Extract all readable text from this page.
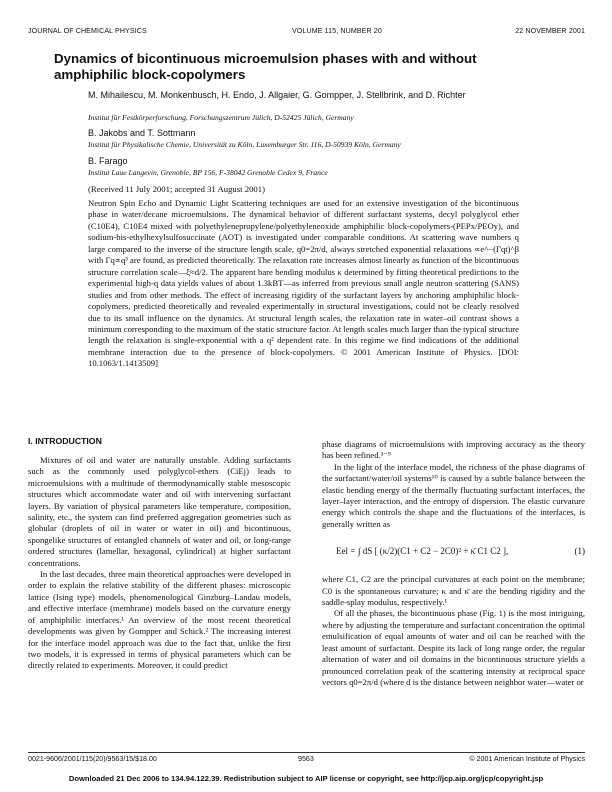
JOURNAL OF CHEMICAL PHYSICS	VOLUME 115, NUMBER 20	22 NOVEMBER 2001
Dynamics of bicontinuous microemulsion phases with and without amphiphilic block-copolymers
M. Mihailescu, M. Monkenbusch, H. Endo, J. Allgaier, G. Gompper, J. Stellbrink, and D. Richter
Institut für Festkörperforschung, Forschungszentrum Jülich, D-52425 Jülich, Germany
B. Jakobs and T. Sottmann
Institut für Physikalische Chemie, Universität zu Köln, Luxemburger Str. 116, D-50939 Köln, Germany
B. Farago
Institut Laue Langevin, Grenoble, BP 156, F-38042 Grenoble Cedex 9, France
(Received 11 July 2001; accepted 31 August 2001)
Neutron Spin Echo and Dynamic Light Scattering techniques are used for an extensive investigation of the bicontinuous phase in water/decane microemulsions. The dynamical behavior of different surfactant systems, decyl polyglycol ether (C10E4), C10E4 mixed with polyethylenepropylene/polyethyleneoxide amphiphilic block-copolymers-(PEPx/PEOy), and sodium-bis-ethylhexylsulfosuccinate (AOT) is investigated under comparable conditions. At scattering wave numbers q large compared to the inverse of the structure length scale, q0=2π/d, always stretched exponential relaxations ∝e^−(Γqt)^β with Γq∝q³ are found, as predicted theoretically. The relaxation rate increases almost linearly as function of the bicontinuous structure correlation scale—ξ≈d/2. The apparent bare bending modulus κ determined by fitting theoretical predictions to the experimental high-q data yields values of about 1.3kBT—as inferred from previous small angle neutron scattering (SANS) studies and from other methods. The effect of increasing rigidity of the surfactant layers by anchoring amphiphilic block-copolymers, predicted theoretically and revealed experimentally in structural investigations, could not be clearly resolved due to its small influence on the dynamics. At structural length scales, the relaxation rate in water–oil contrast shows a minimum corresponding to the maximum of the static structure factor. At length scales much larger than the typical structure length the relaxation is single-exponential with a q² dependent rate. In this regime we find indications of the additional membrane interaction due to the presence of block-copolymers. © 2001 American Institute of Physics. [DOI: 10.1063/1.1413509]
I. INTRODUCTION

Mixtures of oil and water are naturally unstable. Adding surfactants such as the commonly used polyglycol-ethers (CiEj) leads to microemulsions with a multitude of thermodynamically stable mesoscopic structures which accommodate water and oil with intervening surfactant layers. By variation of physical parameters like temperature, composition, salinity, etc., the system can find preferred aggregation geometries such as globular (droplets of oil in water or water in oil) and bicontinuous, spongelike structures of entangled channels of water and oil, or long-range ordered structures (lamellar, hexagonal, cylindrical) at higher surfactant concentrations.

In the last decades, three main theoretical approaches were developed in order to explain the relative stability of the different phases: microscopic lattice (Ising type) models, phenomenological Ginzburg–Landau models, and effective interface (membrane) models based on the curvature energy of amphiphilic interfaces.¹ An overview of the most recent theoretical developments was given by Gompper and Schick.² The increasing interest for the interface model approach was due to the fact that, unlike the first two models, it is expressed in terms of physical parameters which can be directly related to experiments. Moreover, it could predict

phase diagrams of microemulsions with improving accuracy as the theory has been refined.³⁻⁹

In the light of the interface model, the richness of the phase diagrams of the surfactant/water/oil systems¹⁰ is caused by a subtle balance between the elastic bending energy of the thermally fluctuating surfactant interfaces, the layer–layer interaction, and the entropy of dispersion. The elastic curvature energy which controls the shape and the fluctuations of the interfaces, is generally written as

Eel = ∫ dS [ (κ/2)(C1 + C2 − 2C0)² + κ̄ C1 C2 ],	(1)

where C1, C2 are the principal curvatures at each point on the membrane; C0 is the spontaneous curvature; κ and κ̄ are the bending rigidity and the saddle-splay modulus, respectively.¹

Of all the phases, the bicontinuous phase (Fig. 1) is the most intriguing, where by adjusting the temperature and surfactant concentration the optimal emulsification of equal amounts of water and oil can be reached with the least amount of surfactant. Despite its lack of long range order, the regular alternation of water and oil domains in the bicontinuous structure yields a pronounced correlation peak of the scattering intensity at reciprocal space vectors q0=2π/d (where d is the distance between neighbor water—water or

0021-9606/2001/115(20)/9563/15/$18.00	9563	© 2001 American Institute of Physics
Downloaded 21 Dec 2006 to 134.94.122.39. Redistribution subject to AIP license or copyright, see http://jcp.aip.org/jcp/copyright.jsp
